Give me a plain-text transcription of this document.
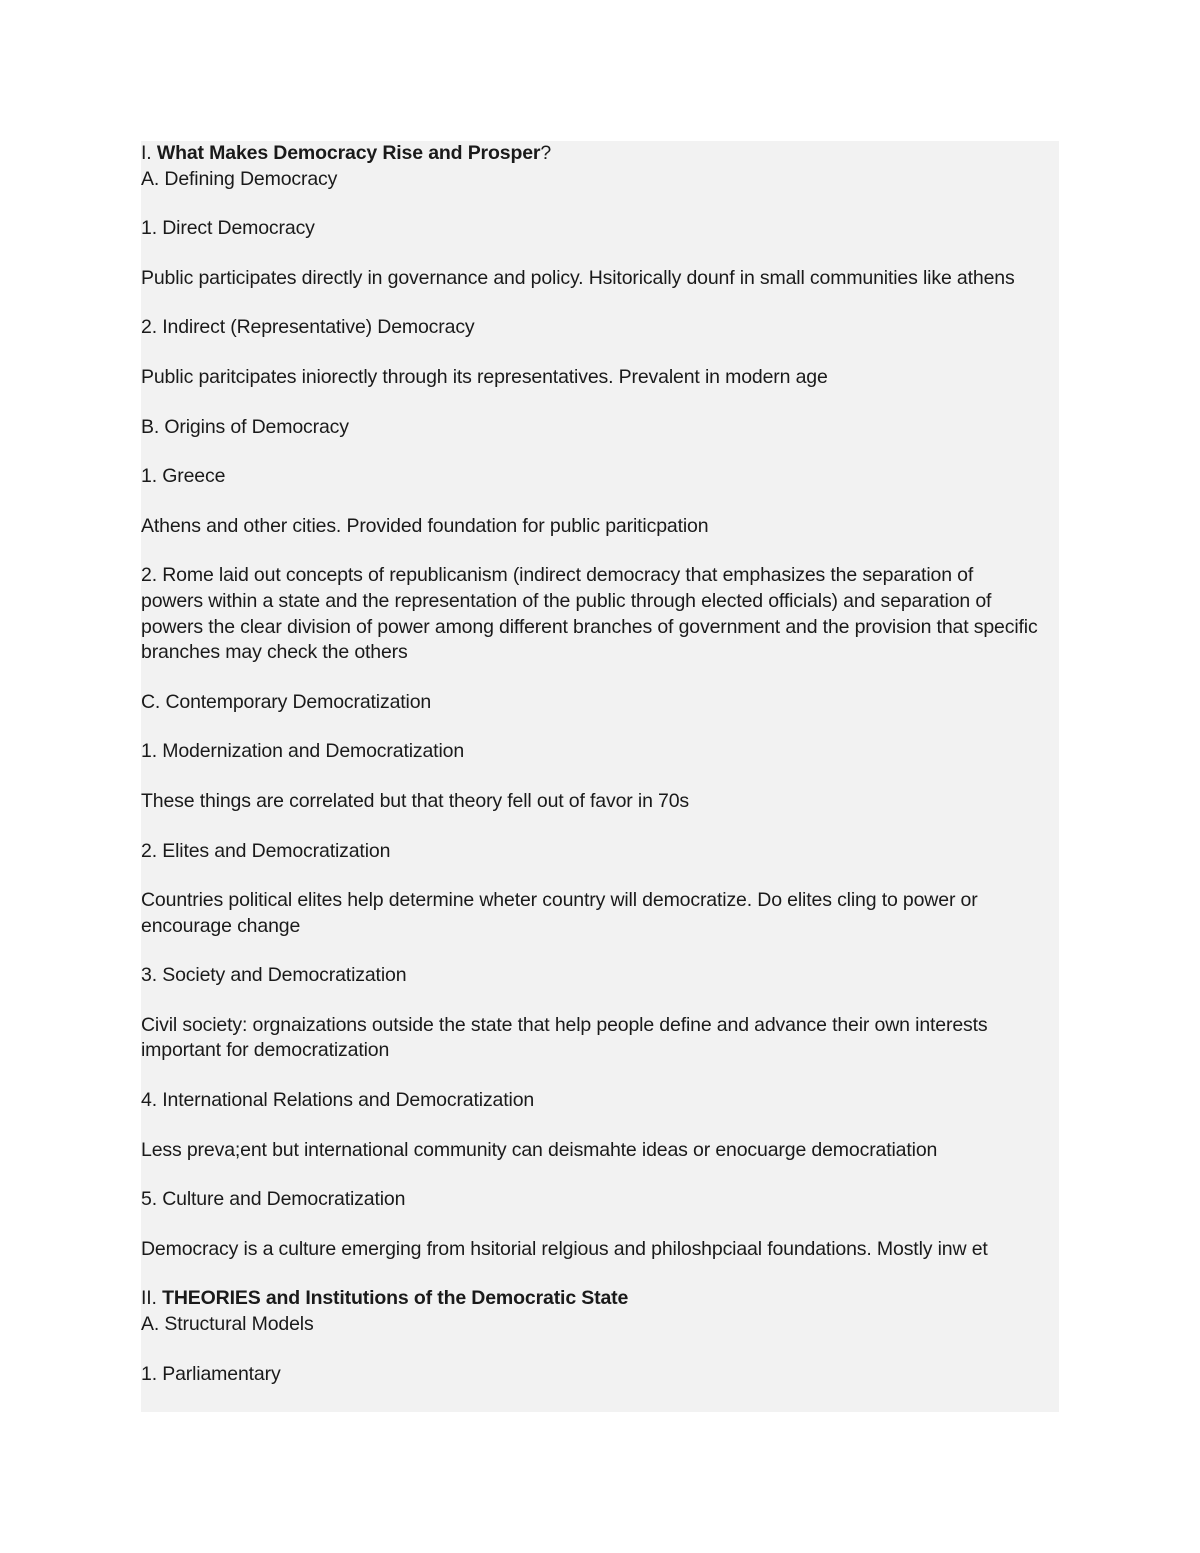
I. What Makes Democracy Rise and Prosper?
A. Defining Democracy
1. Direct Democracy
Public participates directly in governance and policy. Hsitorically dounf in small communities like athens
2. Indirect (Representative) Democracy
Public paritcipates iniorectly through its representatives. Prevalent in modern age
B. Origins of Democracy
1. Greece
Athens and other cities. Provided foundation for public pariticpation
2. Rome laid out concepts of republicanism (indirect democracy that emphasizes the separation of
powers within a state and the representation of the public through elected officials) and separation of
powers the clear division of power among different branches of government and the provision that specific
branches may check the others
C. Contemporary Democratization
1. Modernization and Democratization
These things are correlated but that theory fell out of favor in 70s
2. Elites and Democratization
Countries political elites help determine wheter country will democratize. Do elites cling to power or
encourage change
3. Society and Democratization
Civil society: orgnaizations outside the state that help people define and advance their own interests
important for democratization
4. International Relations and Democratization
Less preva;ent but international community can deismahte ideas or enocuarge democratiation
5. Culture and Democratization
Democracy is a culture emerging from hsitorial relgious and philoshpciaal foundations. Mostly inw et
II. THEORIES and Institutions of the Democratic State
A. Structural Models
1. Parliamentary
